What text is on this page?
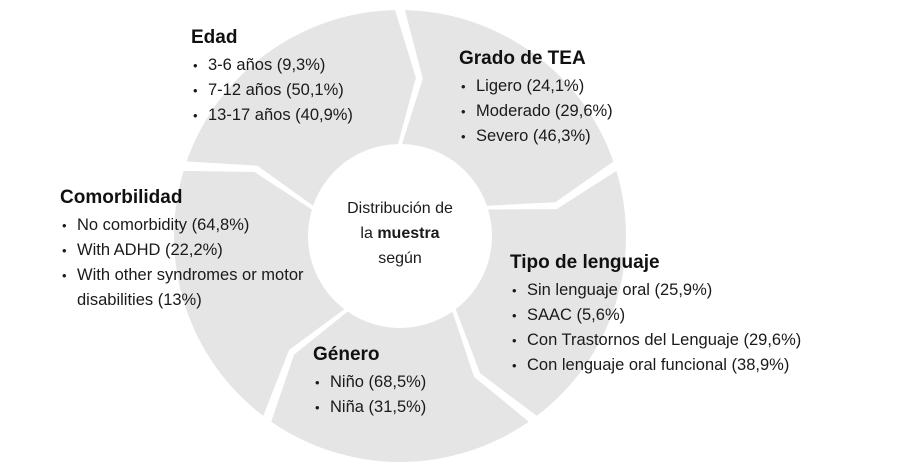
Distribución de
la muestra
según
Edad
• 3-6 años (9,3%)
• 7-12 años (50,1%)
• 13-17 años (40,9%)
Grado de TEA
• Ligero (24,1%)
• Moderado (29,6%)
• Severo (46,3%)
Tipo de lenguaje
• Sin lenguaje oral (25,9%)
• SAAC (5,6%)
• Con Trastornos del Lenguaje (29,6%)
• Con lenguaje oral funcional (38,9%)
Género
• Niño (68,5%)
• Niña (31,5%)
Comorbilidad
• No comorbidity (64,8%)
• With ADHD (22,2%)
• With other syndromes or motor disabilities (13%)
